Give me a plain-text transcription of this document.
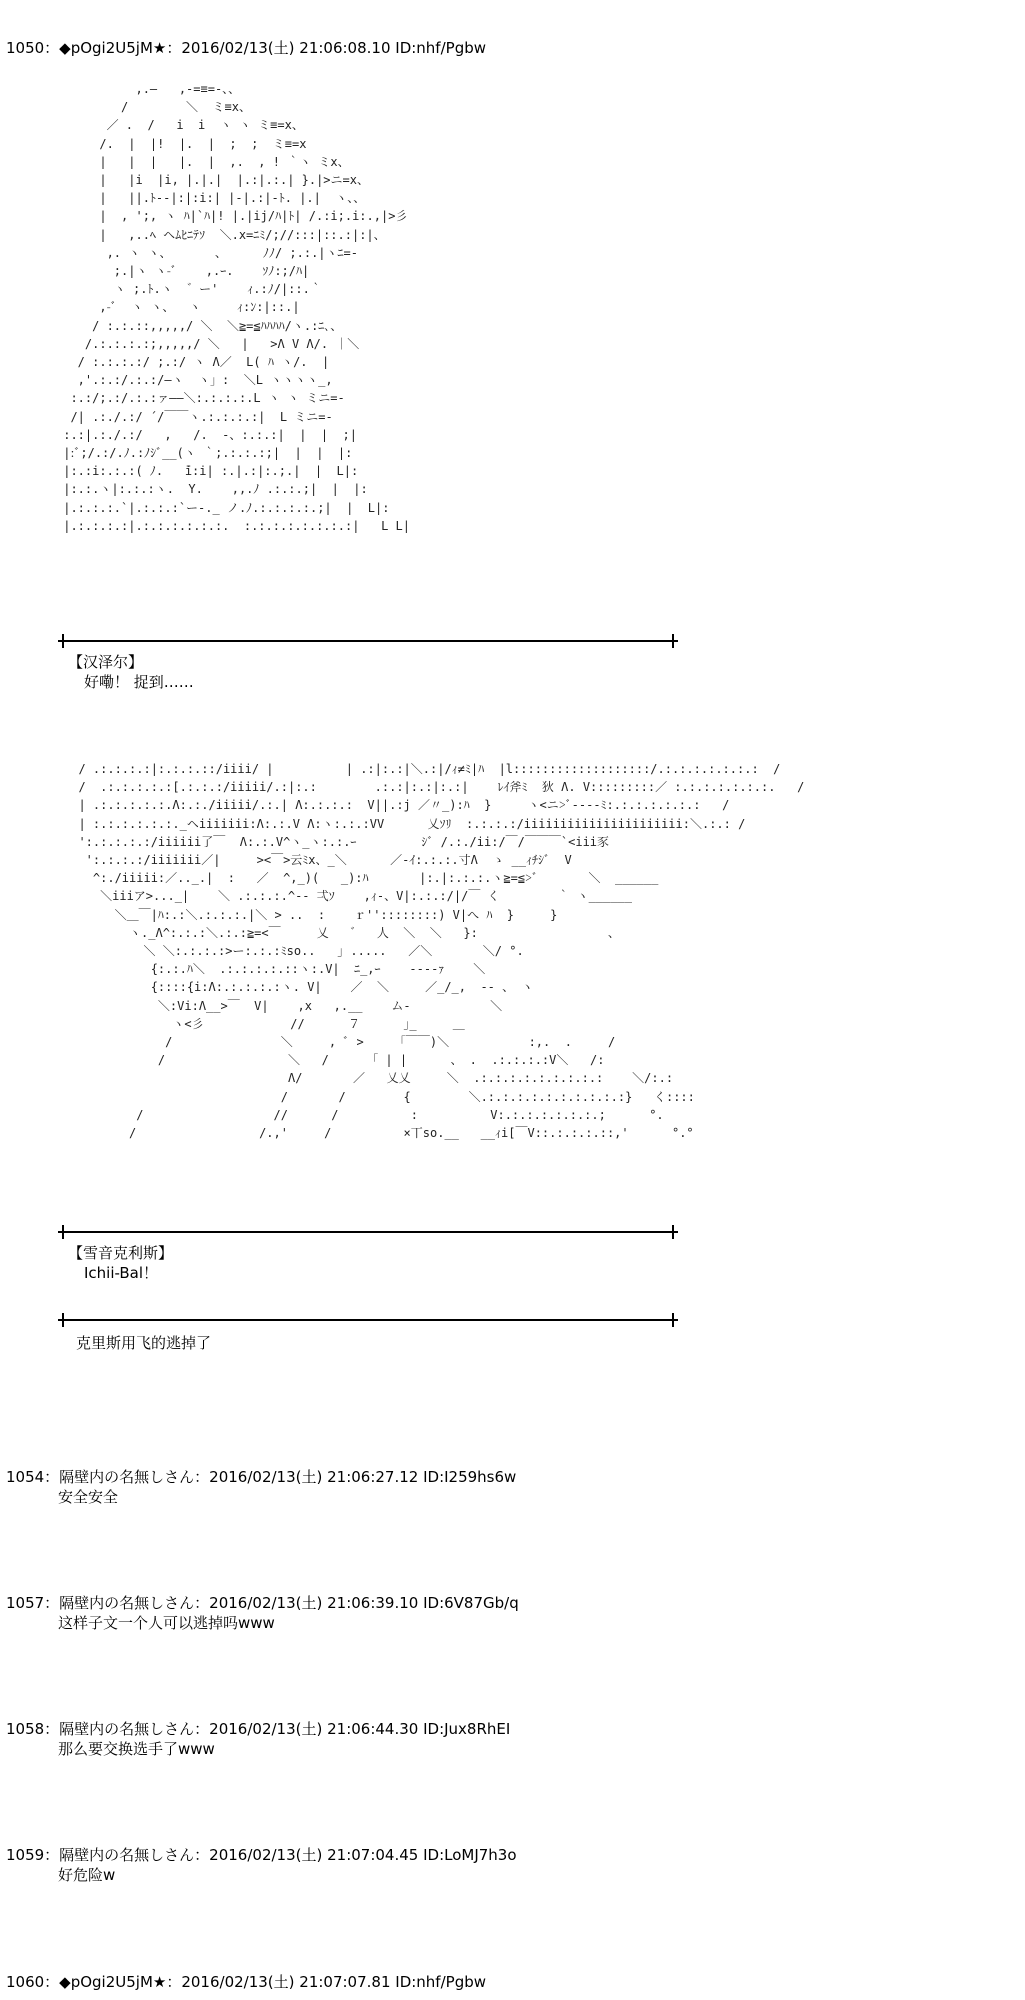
1050：◆pOgi2U5jM★：2016/02/13(土) 21:06:08.10 ID:nhf/Pgbw
,.—   ,-=≡=-、、
/        ＼  ミ≡x、
／ .  /   i  i  ヽ ヽ ミ≡=x、
/.  |  |!  |.  |  ;  ;  ミ≡=x
|   |  |   |.  |  ,.  , ! ｀ヽ ミx、
|   |i  |i, |.|.|  |.:|.:.| }.|>ニ=x、
|   ||.ﾄ‐-|:|:i:| |-|.:|-ﾄ. |.|  ヽ、、
|  , ';, ヽ ﾊ|`ﾊ|! |.|ij/ﾊ|ﾄ| /.:i;.i:.,|>彡
|   ,..ﾍ ヘﾑﾋﾆﾃｿ  ＼.x=ﾆﾐ/;//:::|::.:|:|、
,. ヽ ヽ、      、     ﾉﾉ/ ;.:.|ヽﾆ=-
;.|ヽ ヽ-ﾞ    ,.ｰ.    ｿﾉ:;/ﾊ|
ヽ ;.ﾄ.ヽ  ゛ー'    ｨ.:ﾉ/|::.｀
,-ﾞ  ヽ ヽ、  ヽ     ｨ:ﾝ:|::.|
/ :.:.::,,,,,/ ＼  ＼≧=≦ﾊﾊﾊﾊ/ヽ.:ﾆ､、
/.:.:.:.:;,,,,,/ ＼   |   >Λ V Λ/. ｜＼
/ :.:.:.:/ ;.:/ ヽ Λ／  L( ﾊ ヽ/.  |
,'.:.:/.:.:/―ヽ  ヽ」:  ＼L ヽヽヽヽ_,
:.:/;.:/.:.:ァ――＼:.:.:.:.L ヽ ヽ ミニ=-
/| .:./.:/ ´/￣￣ヽ.:.:.:.:|  L ミニ=-
:.:|.:./.:/   ,   /.  -、:.:.:|  |  |  ;|
|:ﾞ;/.:/.ﾉ.:ﾉｼﾞ__(ヽ ｀;.:.:.:;|  |  |  |:
|:.:i:.:.:( ﾉ.   ̄i:i| :.|.:|:.;.|  |  L|:
|:.:.ヽ|:.:.:ヽ.  Y.    ,,.ﾉ .:.:.;|  |  |:
|.:.:.:.`|.:.:.:`ー-._ ノ.ﾉ.:.:.:.:.;|  |  L|:
|.:.:.:.:|.:.:.:.:.:.:.  :.:.:.:.:.:.:.:|   L L|
【汉泽尔】
好嘞！ 捉到……
/ .:.:.:.:|:.:.:.::/iiii/ |          | .:|:.:|＼.:|/ｨ≠ﾐ|ﾊ  |l:::::::::::::::::::/.:.:.:.:.:.:.:  /
/  .:.:.:.:.:[.:.:.:/iiiii/.:|:.:        .:.:|:.:|:.:|    ﾚｲ斧ﾐ  狄 Λ. V:::::::::／ :.:.:.:.:.:.:.   /
| .:.:.:.:.:.Λ:.:./iiiii/.:.| Λ:.:.:.:  V||.:j ／〃_):ﾊ  }     ヽ<ニ>ﾞ----ﾐ:.:.:.:.:.:.:   /
| :.:.:.:.:.:._ヘiiiiiii:Λ:.:.V Λ:ヽ:.:.:VV      乂ｿﾘ  :.:.:.:/iiiiiiiiiiiiiiiiiiiiii:＼.:.: /
':.:.:.:.:/iiiiii了￣  Λ:.:.V^ヽ_ヽ:.:.ｰ         ｼﾞ /.:./ii:/￣/￣￣￣`<iii豕
':.:.:.:/iiiiiii／|     ><￣>云ﾐx、_＼      ／-ｲ:.:.:.寸Λ  ゝ __ｨﾁｼﾞ  V
^:./iiiii:／.._.|  :   ／  ^,_)(   _):ﾊ       |:.|:.:.:.ヽ≧=≦>ﾞ       ＼  ______
＼iiiア>..._|    ＼ .:.:.:.^-- 弌ｿ    ,ｨ-、V|:.:.:/|/￣ く        ｀ ヽ______
＼＿￣|ﾊ:.:＼.:.:.:.|＼ > ..  :    ｒ''::::::::) V|へ ﾊ  }     }
ヽ._Λ^:.:.:＼.:.:≧=<￣     乂   ゛  人  ＼  ＼   }:                  、
＼ ＼:.:.:.:>ー:.:.:ﾐso..   ｣ .....   ／＼       ＼/ °.
{:.:.ﾊ＼  .:.:.:.:.::ヽ:.V|  ﾆ_,ｰ    ----ｧ    ＼
{::::{i:Λ:.:.:.:.:ヽ. V|    ／  ＼     ／_/_,  -- 、 ヽ
＼:Vi:Λ__>￣  V|    ,x   ,.__    ム-           ＼
ヽ<彡            //      ７      ｣_     ＿
/               ＼     , ﾞ >     ｢￣￣)＼           :,.  .     /
/                 ＼   /      ｢ | |      、 .  .:.:.:.:V＼   /:
Λ/       ／   乂乂     ＼  .:.:.:.:.:.:.:.:.:    ＼/:.:
/       /        {        ＼.:.:.:.:.:.:.:.:.:.:}   く::::
/                  //      /          :          V:.:.:.:.:.:.:.;      °.
/                 /.,'     /          ×丅so.__   __ｨi[￣V::.:.:.:.::,'      °.°
【雪音克利斯】
Ichii-Bal！
克里斯用飞的逃掉了
1054：隔壁内の名無しさん：2016/02/13(土) 21:06:27.12 ID:I259hs6w
安全安全
1057：隔壁内の名無しさん：2016/02/13(土) 21:06:39.10 ID:6V87Gb/q
这样子文一个人可以逃掉吗www
1058：隔壁内の名無しさん：2016/02/13(土) 21:06:44.30 ID:Jux8RhEI
那么要交换选手了www
1059：隔壁内の名無しさん：2016/02/13(土) 21:07:04.45 ID:LoMJ7h3o
好危险w
1060：◆pOgi2U5jM★：2016/02/13(土) 21:07:07.81 ID:nhf/Pgbw
